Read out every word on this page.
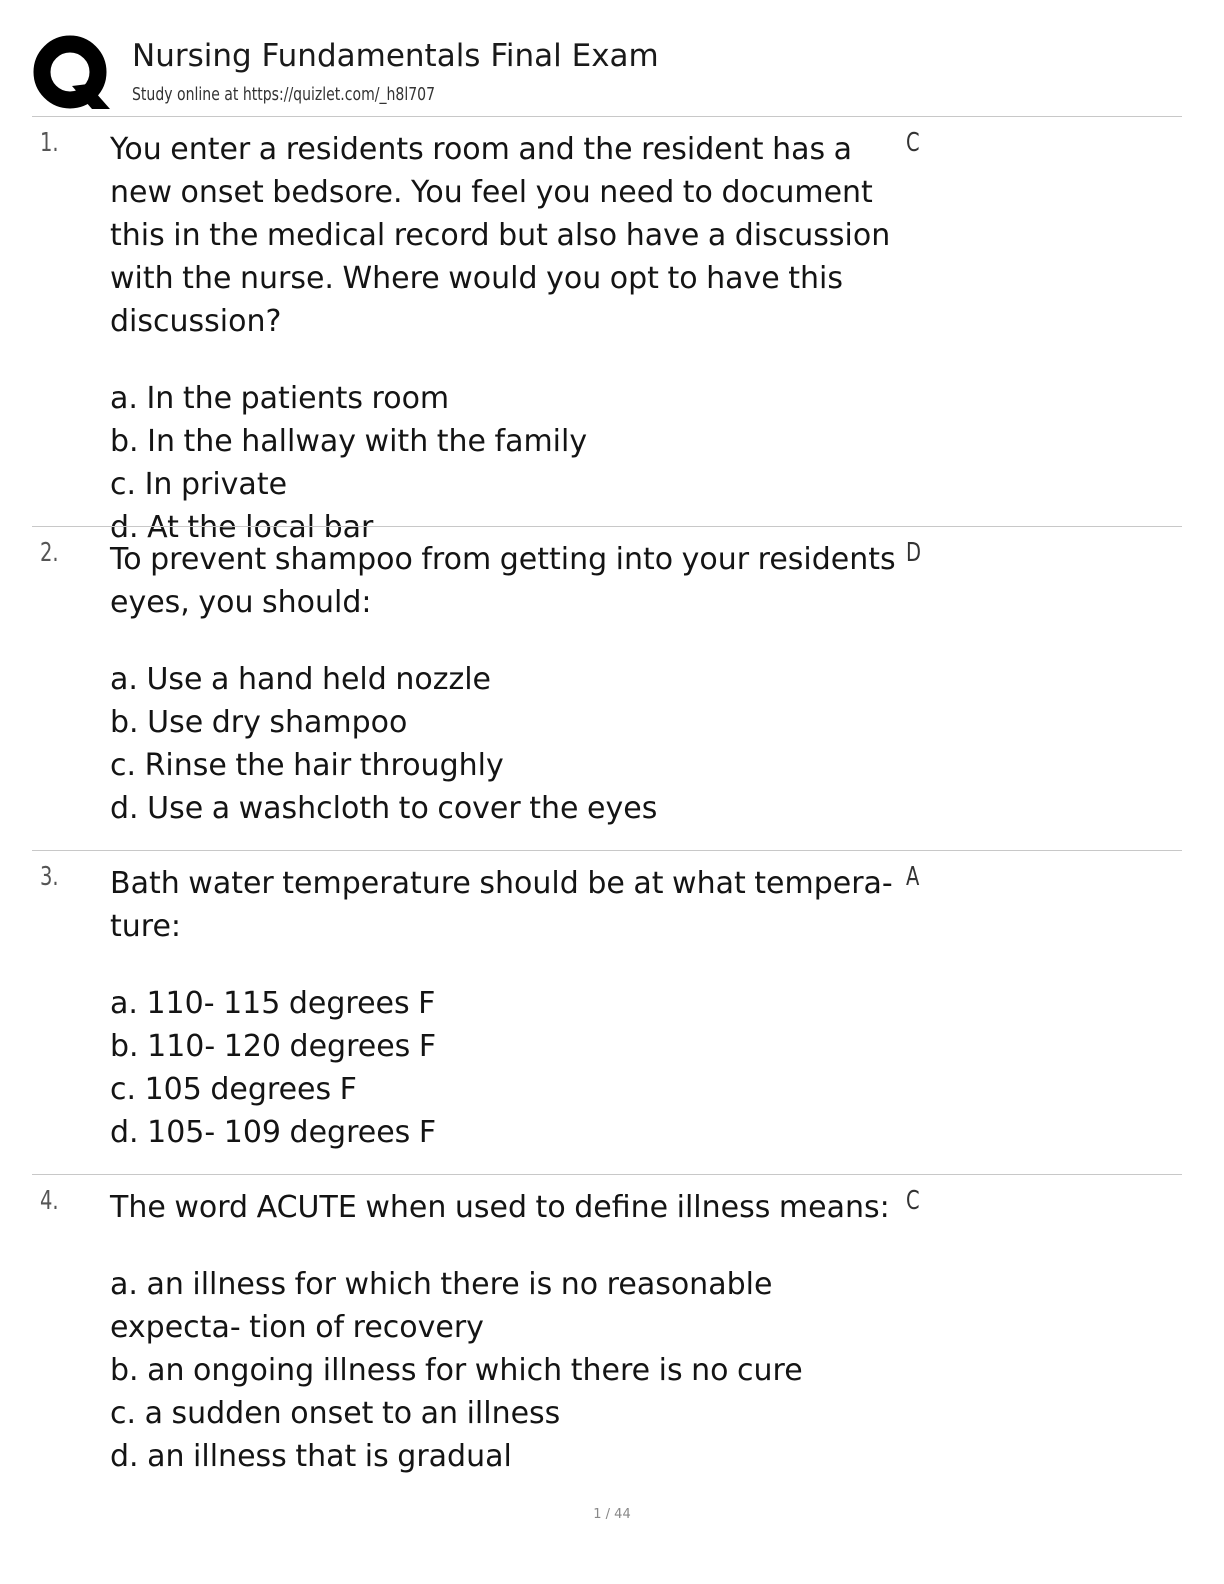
Nursing Fundamentals Final Exam
Study online at https://quizlet.com/_h8l707
1. You enter a residents room and the resident has a new onset bedsore. You feel you need to document this in the medical record but also have a discussion with the nurse. Where would you opt to have this discussion?

a. In the patients room

b. In the hallway with the family

c. In private

d. At the local bar

C
2. To prevent shampoo from getting into your residents eyes, you should:

a. Use a hand held nozzle

b. Use dry shampoo

c. Rinse the hair throughly

d. Use a washcloth to cover the eyes

D
3. Bath water temperature should be at what tempera- ture:

a. 110- 115 degrees F

b. 110- 120 degrees F

c. 105 degrees F

d. 105- 109 degrees F

A
4. The word ACUTE when used to define illness means:

a. an illness for which there is no reasonable expecta- tion of recovery

b. an ongoing illness for which there is no cure

c. a sudden onset to an illness

d. an illness that is gradual

C
1 / 44
